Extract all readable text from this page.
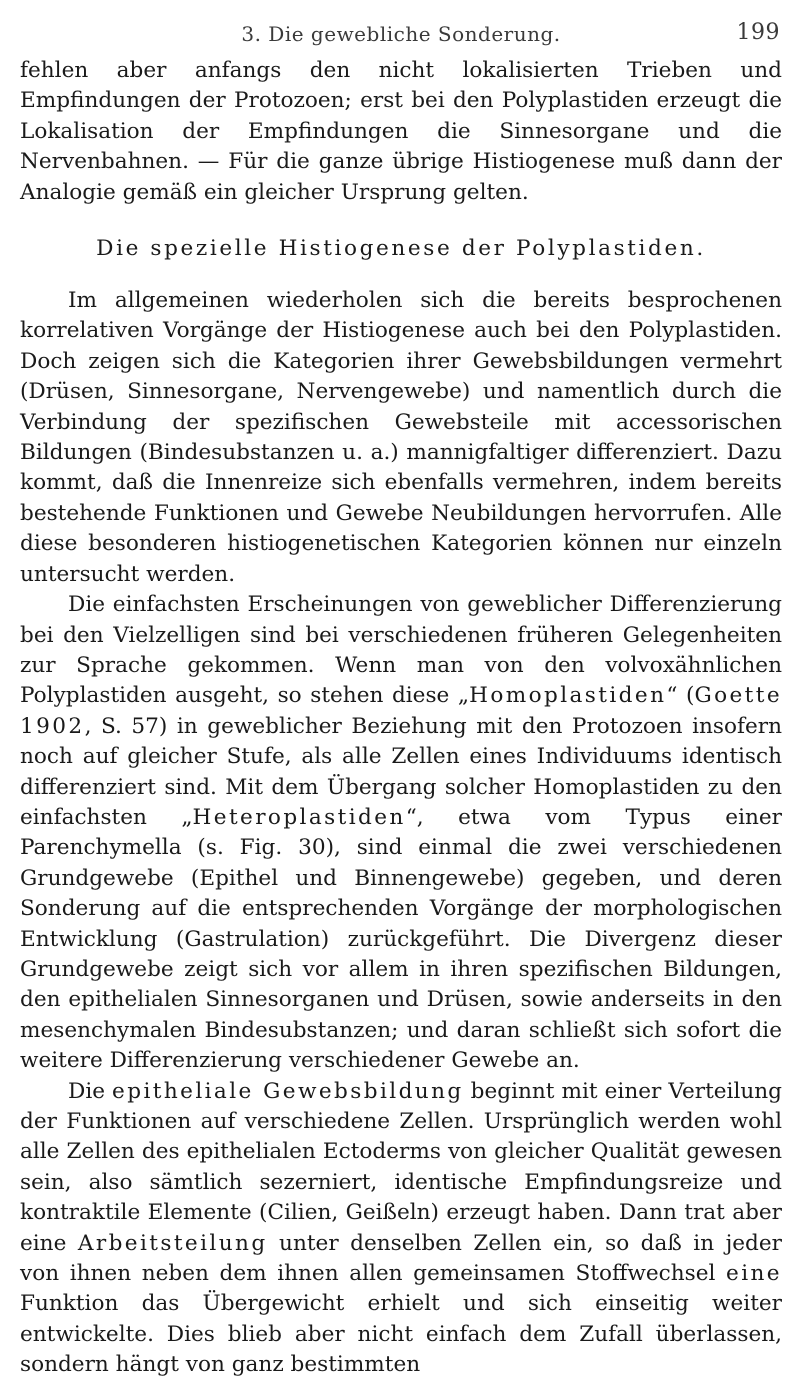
3. Die gewebliche Sonderung.	199

fehlen aber anfangs den nicht lokalisierten Trieben und Empfindungen der Protozoen; erst bei den Polyplastiden erzeugt die Lokalisation der Empfindungen die Sinnesorgane und die Nervenbahnen. — Für die ganze übrige Histiogenese muß dann der Analogie gemäß ein gleicher Ursprung gelten.

Die spezielle Histiogenese der Polyplastiden.

Im allgemeinen wiederholen sich die bereits besprochenen korrelativen Vorgänge der Histiogenese auch bei den Polyplastiden. Doch zeigen sich die Kategorien ihrer Gewebsbildungen vermehrt (Drüsen, Sinnesorgane, Nervengewebe) und namentlich durch die Verbindung der spezifischen Gewebsteile mit accessorischen Bildungen (Bindesubstanzen u. a.) mannigfaltiger differenziert. Dazu kommt, daß die Innenreize sich ebenfalls vermehren, indem bereits bestehende Funktionen und Gewebe Neubildungen hervorrufen. Alle diese besonderen histiogenetischen Kategorien können nur einzeln untersucht werden.

Die einfachsten Erscheinungen von geweblicher Differenzierung bei den Vielzelligen sind bei verschiedenen früheren Gelegenheiten zur Sprache gekommen. Wenn man von den volvoxähnlichen Polyplastiden ausgeht, so stehen diese „Homoplastiden“ (Goette 1902, S. 57) in geweblicher Beziehung mit den Protozoen insofern noch auf gleicher Stufe, als alle Zellen eines Individuums identisch differenziert sind. Mit dem Übergang solcher Homoplastiden zu den einfachsten „Heteroplastiden“, etwa vom Typus einer Parenchymella (s. Fig. 30), sind einmal die zwei verschiedenen Grundgewebe (Epithel und Binnengewebe) gegeben, und deren Sonderung auf die entsprechenden Vorgänge der morphologischen Entwicklung (Gastrulation) zurückgeführt. Die Divergenz dieser Grundgewebe zeigt sich vor allem in ihren spezifischen Bildungen, den epithelialen Sinnesorganen und Drüsen, sowie anderseits in den mesenchymalen Bindesubstanzen; und daran schließt sich sofort die weitere Differenzierung verschiedener Gewebe an.

Die epitheliale Gewebsbildung beginnt mit einer Verteilung der Funktionen auf verschiedene Zellen. Ursprünglich werden wohl alle Zellen des epithelialen Ectoderms von gleicher Qualität gewesen sein, also sämtlich sezerniert, identische Empfindungsreize und kontraktile Elemente (Cilien, Geißeln) erzeugt haben. Dann trat aber eine Arbeitsteilung unter denselben Zellen ein, so daß in jeder von ihnen neben dem ihnen allen gemeinsamen Stoffwechsel eine Funktion das Übergewicht erhielt und sich einseitig weiter entwickelte. Dies blieb aber nicht einfach dem Zufall überlassen, sondern hängt von ganz bestimmten
